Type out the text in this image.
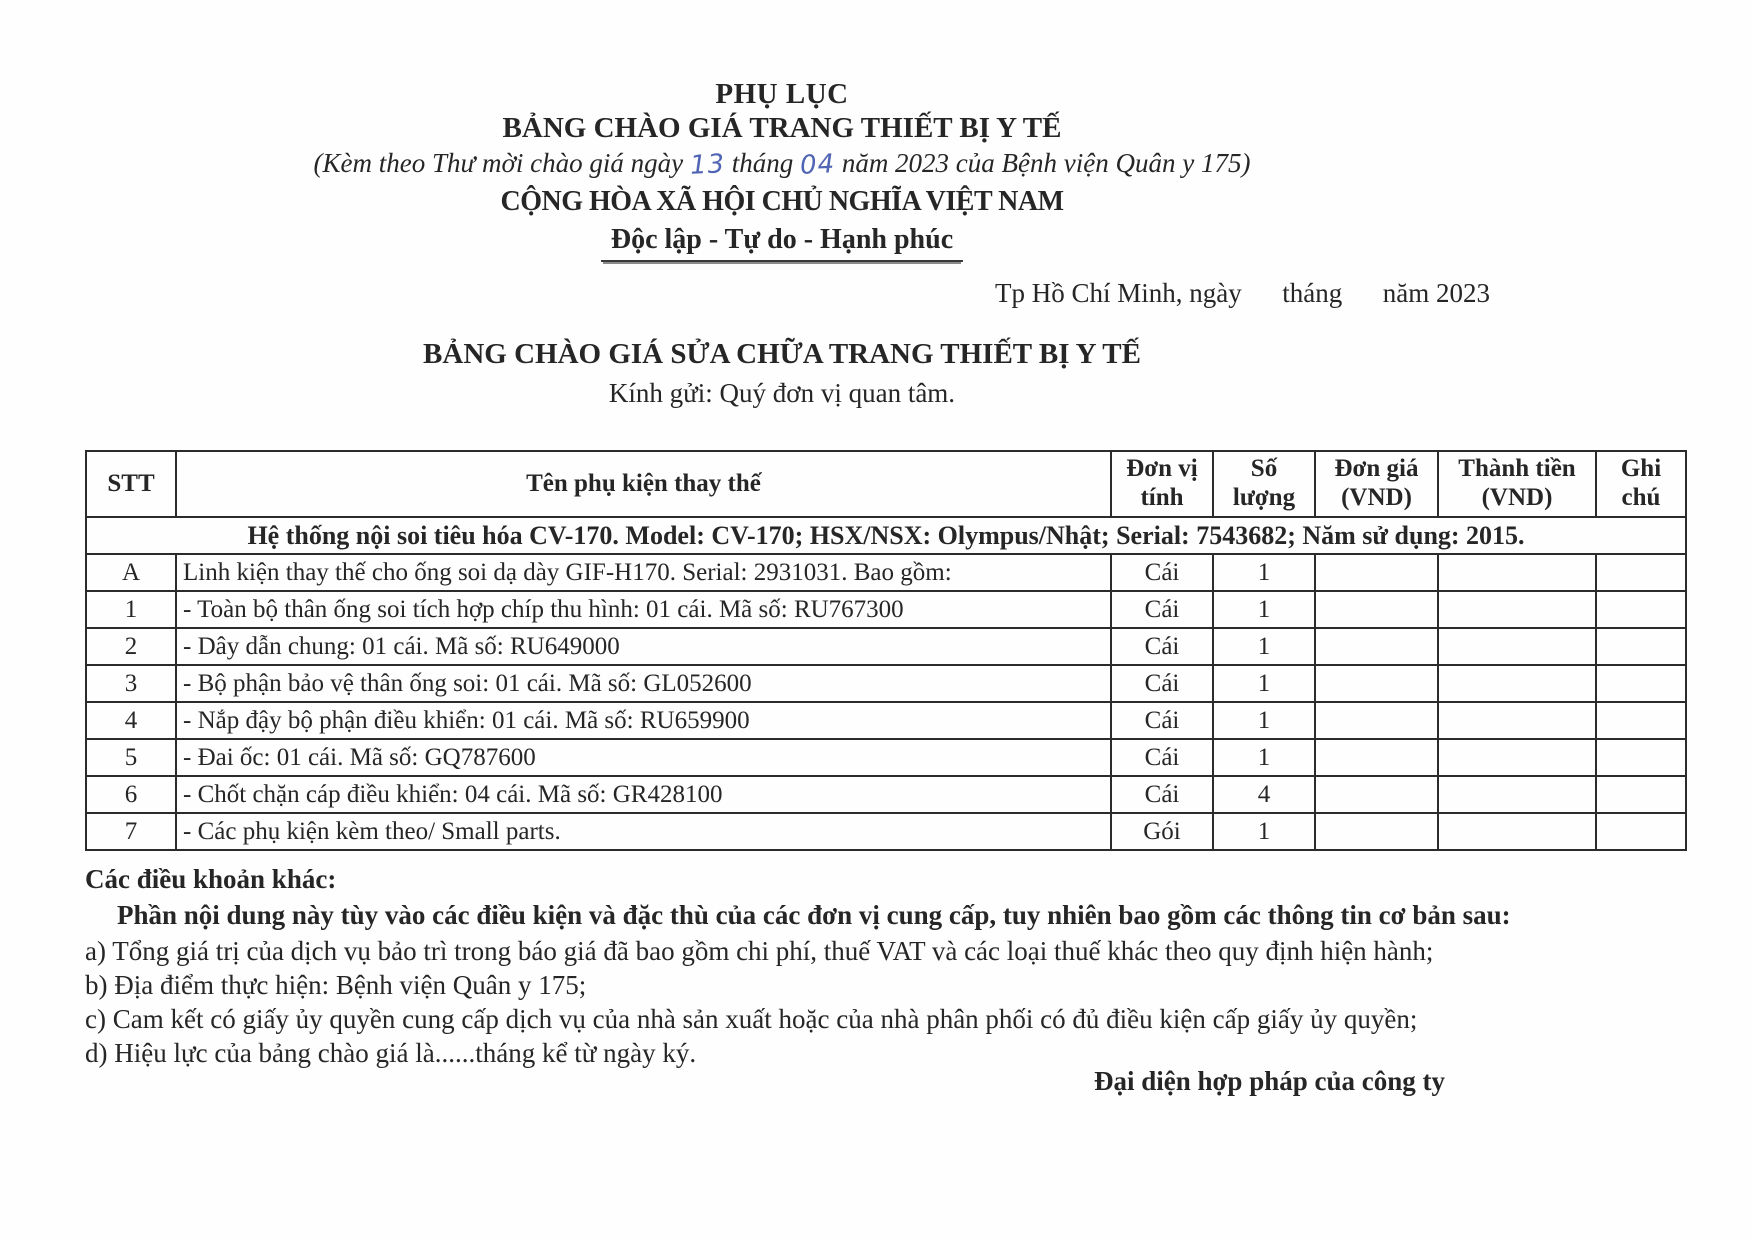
PHỤ LỤC
BẢNG CHÀO GIÁ TRANG THIẾT BỊ Y TẾ
(Kèm theo Thư mời chào giá ngày 13 tháng 04 năm 2023 của Bệnh viện Quân y 175)
CỘNG HÒA XÃ HỘI CHỦ NGHĨA VIỆT NAM
Độc lập - Tự do - Hạnh phúc
Tp Hồ Chí Minh, ngày      tháng      năm 2023
BẢNG CHÀO GIÁ SỬA CHỮA TRANG THIẾT BỊ Y TẾ
Kính gửi: Quý đơn vị quan tâm.
STT	Tên phụ kiện thay thế	Đơn vị tính	Số lượng	Đơn giá (VND)	Thành tiền (VND)	Ghi chú
Hệ thống nội soi tiêu hóa CV-170. Model: CV-170; HSX/NSX: Olympus/Nhật; Serial: 7543682; Năm sử dụng: 2015.						
A	Linh kiện thay thế cho ống soi dạ dày GIF-H170. Serial: 2931031. Bao gồm:	Cái	1			
1	- Toàn bộ thân ống soi tích hợp chíp thu hình: 01 cái. Mã số: RU767300	Cái	1			
2	- Dây dẫn chung: 01 cái. Mã số: RU649000	Cái	1			
3	- Bộ phận bảo vệ thân ống soi: 01 cái. Mã số: GL052600	Cái	1			
4	- Nắp đậy bộ phận điều khiển: 01 cái. Mã số: RU659900	Cái	1			
5	- Đai ốc: 01 cái. Mã số: GQ787600	Cái	1			
6	- Chốt chặn cáp điều khiển: 04 cái. Mã số: GR428100	Cái	4			
7	- Các phụ kiện kèm theo/ Small parts.	Gói	1			
Các điều khoản khác:
Phần nội dung này tùy vào các điều kiện và đặc thù của các đơn vị cung cấp, tuy nhiên bao gồm các thông tin cơ bản sau:
a) Tổng giá trị của dịch vụ bảo trì trong báo giá đã bao gồm chi phí, thuế VAT và các loại thuế khác theo quy định hiện hành;
b) Địa điểm thực hiện: Bệnh viện Quân y 175;
c) Cam kết có giấy ủy quyền cung cấp dịch vụ của nhà sản xuất hoặc của nhà phân phối có đủ điều kiện cấp giấy ủy quyền;
d) Hiệu lực của bảng chào giá là......tháng kể từ ngày ký.
Đại diện hợp pháp của công ty
